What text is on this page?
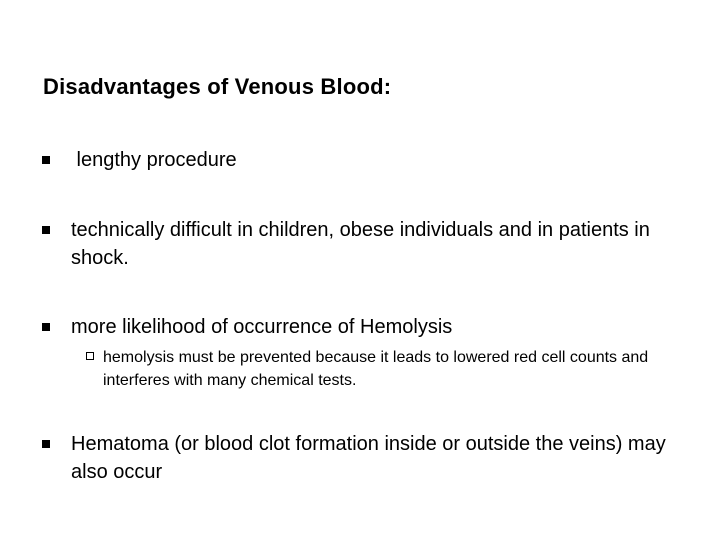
Disadvantages of Venous Blood:
lengthy procedure
technically difficult in children, obese individuals and in patients in shock.
more likelihood of occurrence of Hemolysis
hemolysis must be prevented because it leads to lowered red cell counts and interferes with many chemical tests.
Hematoma (or blood clot formation inside or outside the veins) may also occur
